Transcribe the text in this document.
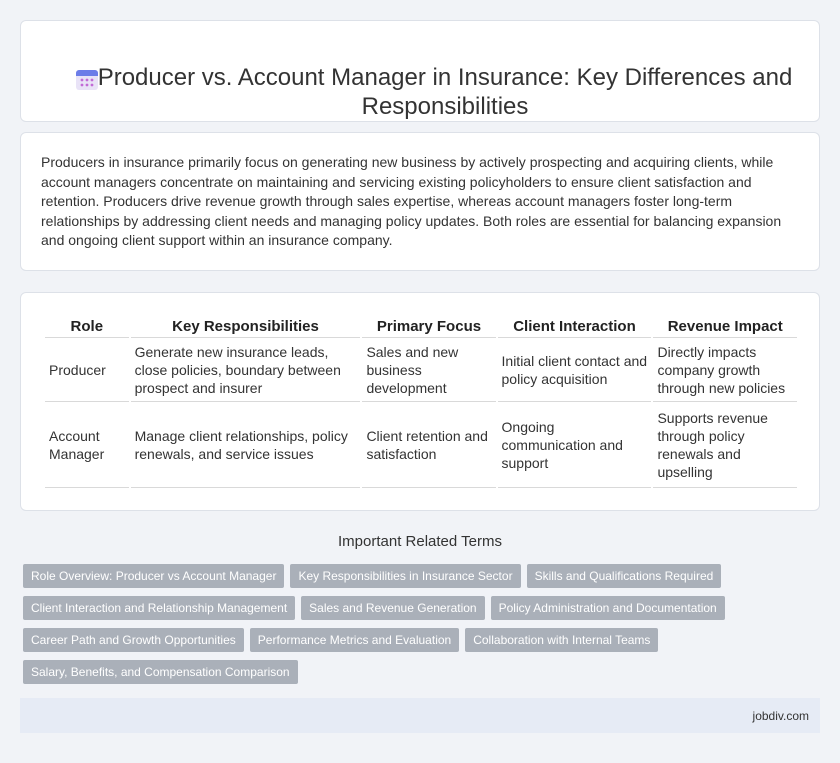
Producer vs. Account Manager in Insurance: Key Differences and Responsibilities

Producers in insurance primarily focus on generating new business by actively prospecting and acquiring clients, while account managers concentrate on maintaining and servicing existing policyholders to ensure client satisfaction and retention. Producers drive revenue growth through sales expertise, whereas account managers foster long-term relationships by addressing client needs and managing policy updates. Both roles are essential for balancing expansion and ongoing client support within an insurance company.

Role	Key Responsibilities	Primary Focus	Client Interaction	Revenue Impact
Producer	Generate new insurance leads, close policies, boundary between prospect and insurer	Sales and new business development	Initial client contact and policy acquisition	Directly impacts company growth through new policies
Account Manager	Manage client relationships, policy renewals, and service issues	Client retention and satisfaction	Ongoing communication and support	Supports revenue through policy renewals and upselling
Important Related Terms
Role Overview: Producer vs Account Manager	Key Responsibilities in Insurance Sector	Skills and Qualifications Required
Client Interaction and Relationship Management	Sales and Revenue Generation	Policy Administration and Documentation
Career Path and Growth Opportunities	Performance Metrics and Evaluation	Collaboration with Internal Teams
Salary, Benefits, and Compensation Comparison
jobdiv.com
